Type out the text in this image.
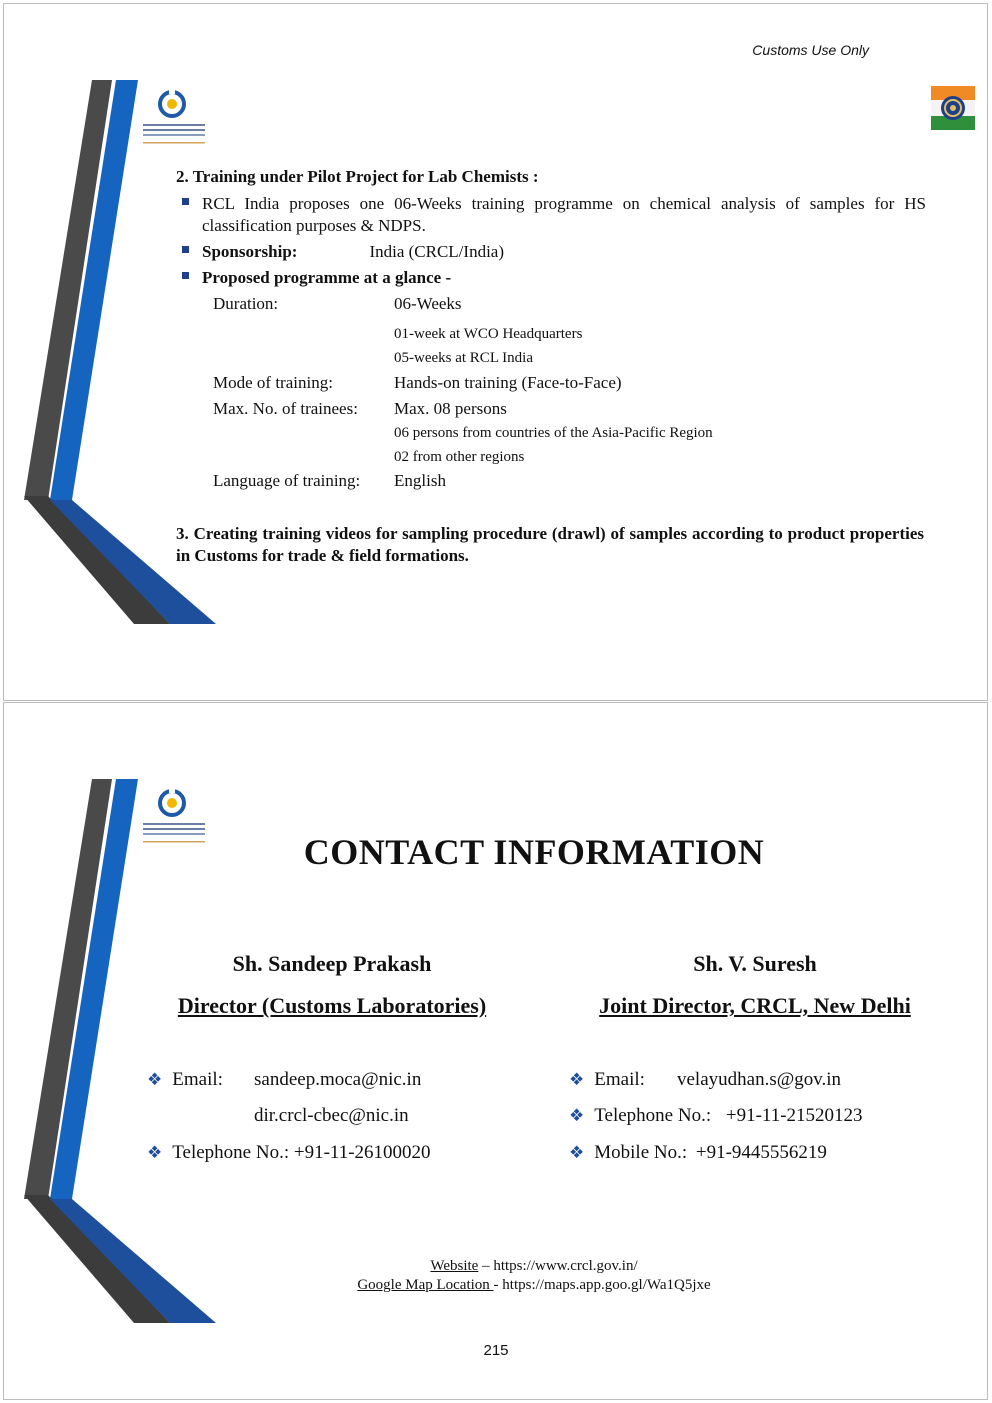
Customs Use Only
2. Training under Pilot Project for Lab Chemists :
RCL India proposes one 06-Weeks training programme on chemical analysis of samples for HS classification purposes & NDPS.
Sponsorship:	India (CRCL/India)
Proposed programme at a glance -
Duration:	06-Weeks
01-week at WCO Headquarters
05-weeks at RCL India
Mode of training:	Hands-on training (Face-to-Face)
Max. No. of trainees: Max. 08 persons
06 persons from countries of the Asia-Pacific Region
02 from other regions
Language of training: English
3. Creating training videos for sampling procedure (drawl) of samples according to product properties in Customs for trade & field formations.
CONTACT INFORMATION
Sh. Sandeep Prakash
Director (Customs Laboratories)
Sh. V. Suresh
Joint Director, CRCL, New Delhi
❖ Email: sandeep.moca@nic.in
dir.crcl-cbec@nic.in
❖ Telephone No.: +91-11-26100020
❖ Email: velayudhan.s@gov.in
❖ Telephone No.: +91-11-21520123
❖ Mobile No.: +91-9445556219
Website – https://www.crcl.gov.in/
Google Map Location - https://maps.app.goo.gl/Wa1Q5jxe
215
